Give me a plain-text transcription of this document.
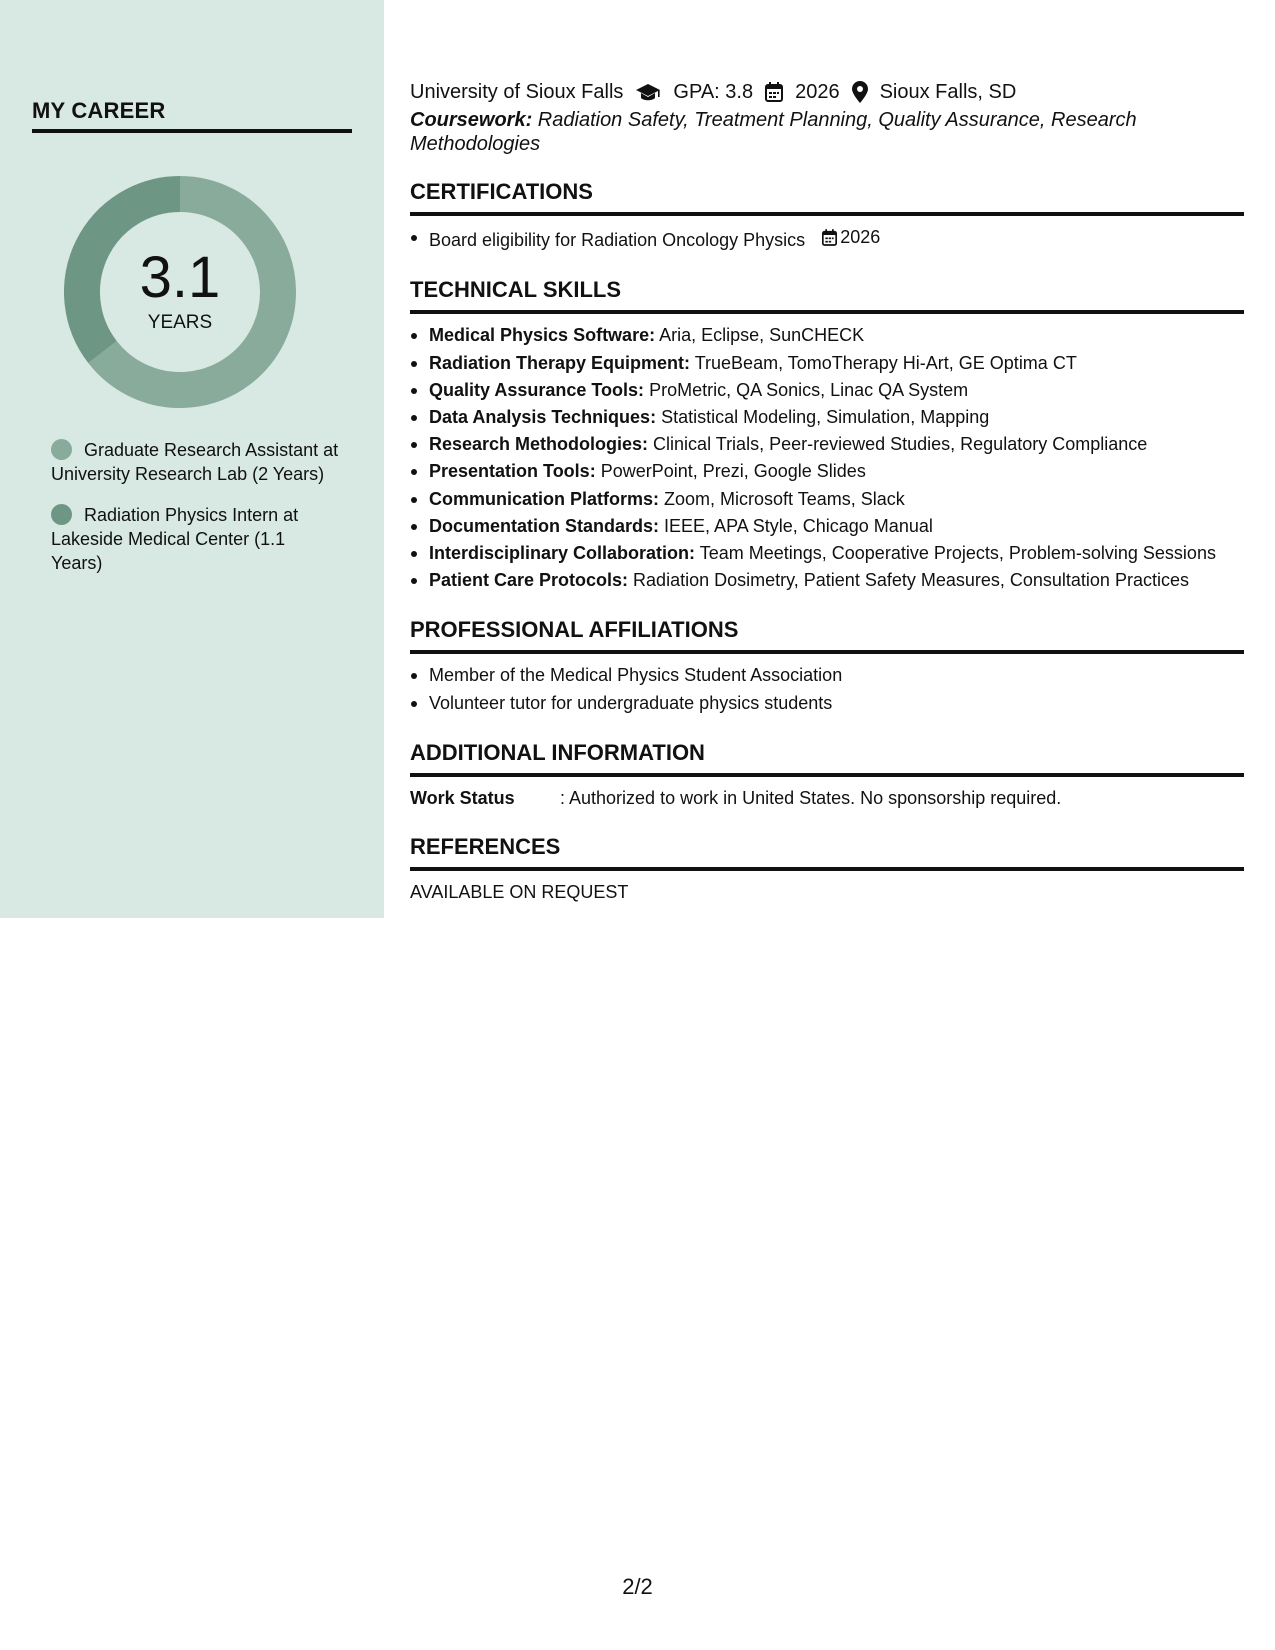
MY CAREER
3.1
YEARS
Graduate Research Assistant at University Research Lab (2 Years)
Radiation Physics Intern at Lakeside Medical Center (1.1 Years)
University of Sioux Falls	GPA: 3.8 2026 Sioux Falls, SD
Coursework: Radiation Safety, Treatment Planning, Quality Assurance, Research Methodologies
CERTIFICATIONS
Board eligibility for Radiation Oncology Physics 2026
TECHNICAL SKILLS
Medical Physics Software: Aria, Eclipse, SunCHECK
Radiation Therapy Equipment: TrueBeam, TomoTherapy Hi-Art, GE Optima CT
Quality Assurance Tools: ProMetric, QA Sonics, Linac QA System
Data Analysis Techniques: Statistical Modeling, Simulation, Mapping
Research Methodologies: Clinical Trials, Peer-reviewed Studies, Regulatory Compliance
Presentation Tools: PowerPoint, Prezi, Google Slides
Communication Platforms: Zoom, Microsoft Teams, Slack
Documentation Standards: IEEE, APA Style, Chicago Manual
Interdisciplinary Collaboration: Team Meetings, Cooperative Projects, Problem-solving Sessions
Patient Care Protocols: Radiation Dosimetry, Patient Safety Measures, Consultation Practices
PROFESSIONAL AFFILIATIONS
Member of the Medical Physics Student Association
Volunteer tutor for undergraduate physics students
ADDITIONAL INFORMATION
Work Status	: Authorized to work in United States. No sponsorship required.
REFERENCES
AVAILABLE ON REQUEST
2/2
